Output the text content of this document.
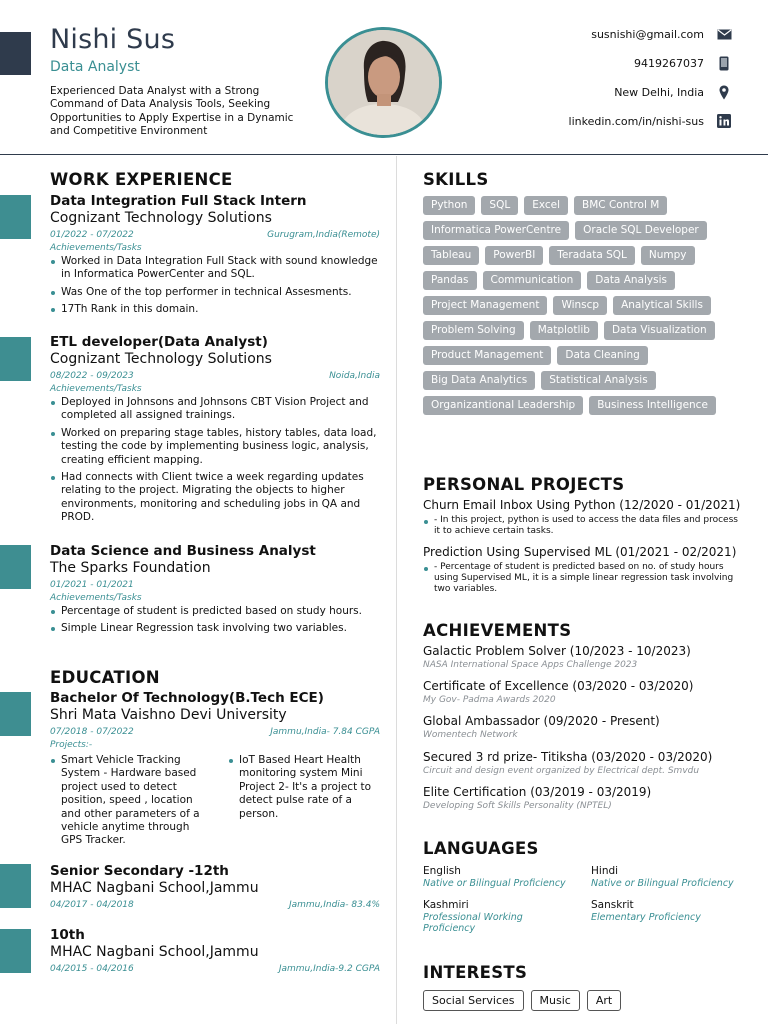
Nishi Sus
Data Analyst
Experienced Data Analyst with a Strong Command of Data Analysis Tools, Seeking Opportunities to Apply Expertise in a Dynamic and Competitive Environment
susnishi@gmail.com
9419267037
New Delhi, India
linkedin.com/in/nishi-sus
WORK EXPERIENCE
Data Integration Full Stack Intern
Cognizant Technology Solutions
01/2022 - 07/2022	Gurugram,India(Remote)
Achievements/Tasks
Worked in Data Integration Full Stack with sound knowledge in Informatica PowerCenter and SQL.
Was One of the top performer in technical Assesments.
17Th Rank in this domain.
ETL developer(Data Analyst)
Cognizant Technology Solutions
08/2022 - 09/2023	Noida,India
Achievements/Tasks
Deployed in Johnsons and Johnsons CBT Vision Project and completed all assigned trainings.
Worked on preparing stage tables, history tables, data load, testing the code by implementing business logic, analysis, creating efficient mapping.
Had connects with Client twice a week regarding updates relating to the project. Migrating the objects to higher environments, monitoring and scheduling jobs in QA and PROD.
Data Science and Business Analyst
The Sparks Foundation
01/2021 - 01/2021
Achievements/Tasks
Percentage of student is predicted based on study hours.
Simple Linear Regression task involving two variables.
EDUCATION
Bachelor Of Technology(B.Tech ECE)
Shri Mata Vaishno Devi University
07/2018 - 07/2022	Jammu,India- 7.84 CGPA
Projects:-
Smart Vehicle Tracking System - Hardware based project used to detect position, speed , location and other parameters of a vehicle anytime through GPS Tracker.
IoT Based Heart Health monitoring system Mini Project 2- It's a project to detect pulse rate of a person.
Senior Secondary -12th
MHAC Nagbani School,Jammu
04/2017 - 04/2018	Jammu,India- 83.4%
10th
MHAC Nagbani School,Jammu
04/2015 - 04/2016	Jammu,India-9.2 CGPA
SKILLS
Python	SQL	Excel	BMC Control M
Informatica PowerCentre	Oracle SQL Developer
Tableau	PowerBI	Teradata SQL	Numpy
Pandas	Communication	Data Analysis
Project Management	Winscp	Analytical Skills
Problem Solving	Matplotlib	Data Visualization
Product Management	Data Cleaning
Big Data Analytics	Statistical Analysis
Organizantional Leadership	Business Intelligence
PERSONAL PROJECTS
Churn Email Inbox Using Python (12/2020 - 01/2021)
- In this project, python is used to access the data files and process it to achieve certain tasks.
Prediction Using Supervised ML (01/2021 - 02/2021)
- Percentage of student is predicted based on no. of study hours using Supervised ML, it is a simple linear regression task involving two variables.
ACHIEVEMENTS
Galactic Problem Solver (10/2023 - 10/2023)
NASA International Space Apps Challenge 2023
Certificate of Excellence (03/2020 - 03/2020)
My Gov- Padma Awards 2020
Global Ambassador (09/2020 - Present)
Womentech Network
Secured 3 rd prize- Titiksha (03/2020 - 03/2020)
Circuit and design event organized by Electrical dept. Smvdu
Elite Certification (03/2019 - 03/2019)
Developing Soft Skills Personality (NPTEL)
LANGUAGES
English
Native or Bilingual Proficiency
Hindi
Native or Bilingual Proficiency
Kashmiri
Professional Working Proficiency
Sanskrit
Elementary Proficiency
INTERESTS
Social Services	Music	Art
